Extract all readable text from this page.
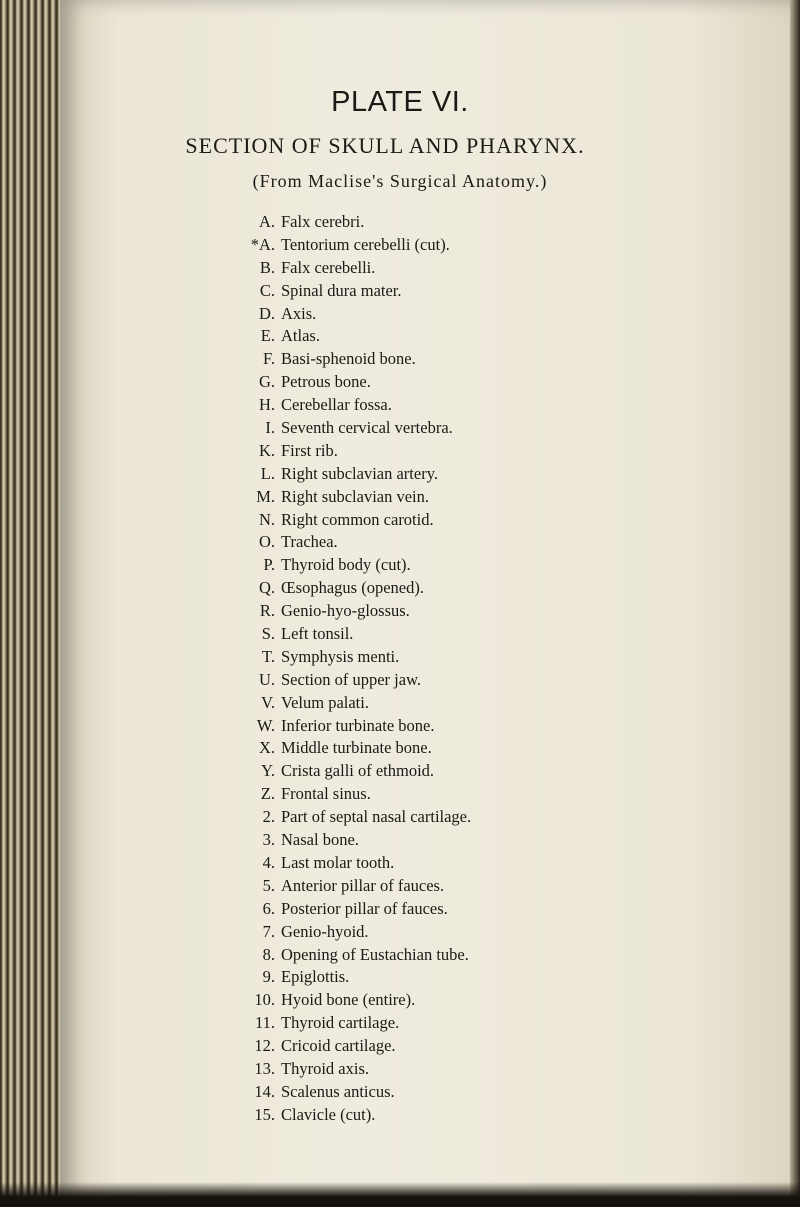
PLATE VI.
SECTION OF SKULL AND PHARYNX.
(From Maclise's Surgical Anatomy.)
A. Falx cerebri.
*A. Tentorium cerebelli (cut).
B. Falx cerebelli.
C. Spinal dura mater.
D. Axis.
E. Atlas.
F. Basi-sphenoid bone.
G. Petrous bone.
H. Cerebellar fossa.
I. Seventh cervical vertebra.
K. First rib.
L. Right subclavian artery.
M. Right subclavian vein.
N. Right common carotid.
O. Trachea.
P. Thyroid body (cut).
Q. Œsophagus (opened).
R. Genio-hyo-glossus.
S. Left tonsil.
T. Symphysis menti.
U. Section of upper jaw.
V. Velum palati.
W. Inferior turbinate bone.
X. Middle turbinate bone.
Y. Crista galli of ethmoid.
Z. Frontal sinus.
2. Part of septal nasal cartilage.
3. Nasal bone.
4. Last molar tooth.
5. Anterior pillar of fauces.
6. Posterior pillar of fauces.
7. Genio-hyoid.
8. Opening of Eustachian tube.
9. Epiglottis.
10. Hyoid bone (entire).
11. Thyroid cartilage.
12. Cricoid cartilage.
13. Thyroid axis.
14. Scalenus anticus.
15. Clavicle (cut).
